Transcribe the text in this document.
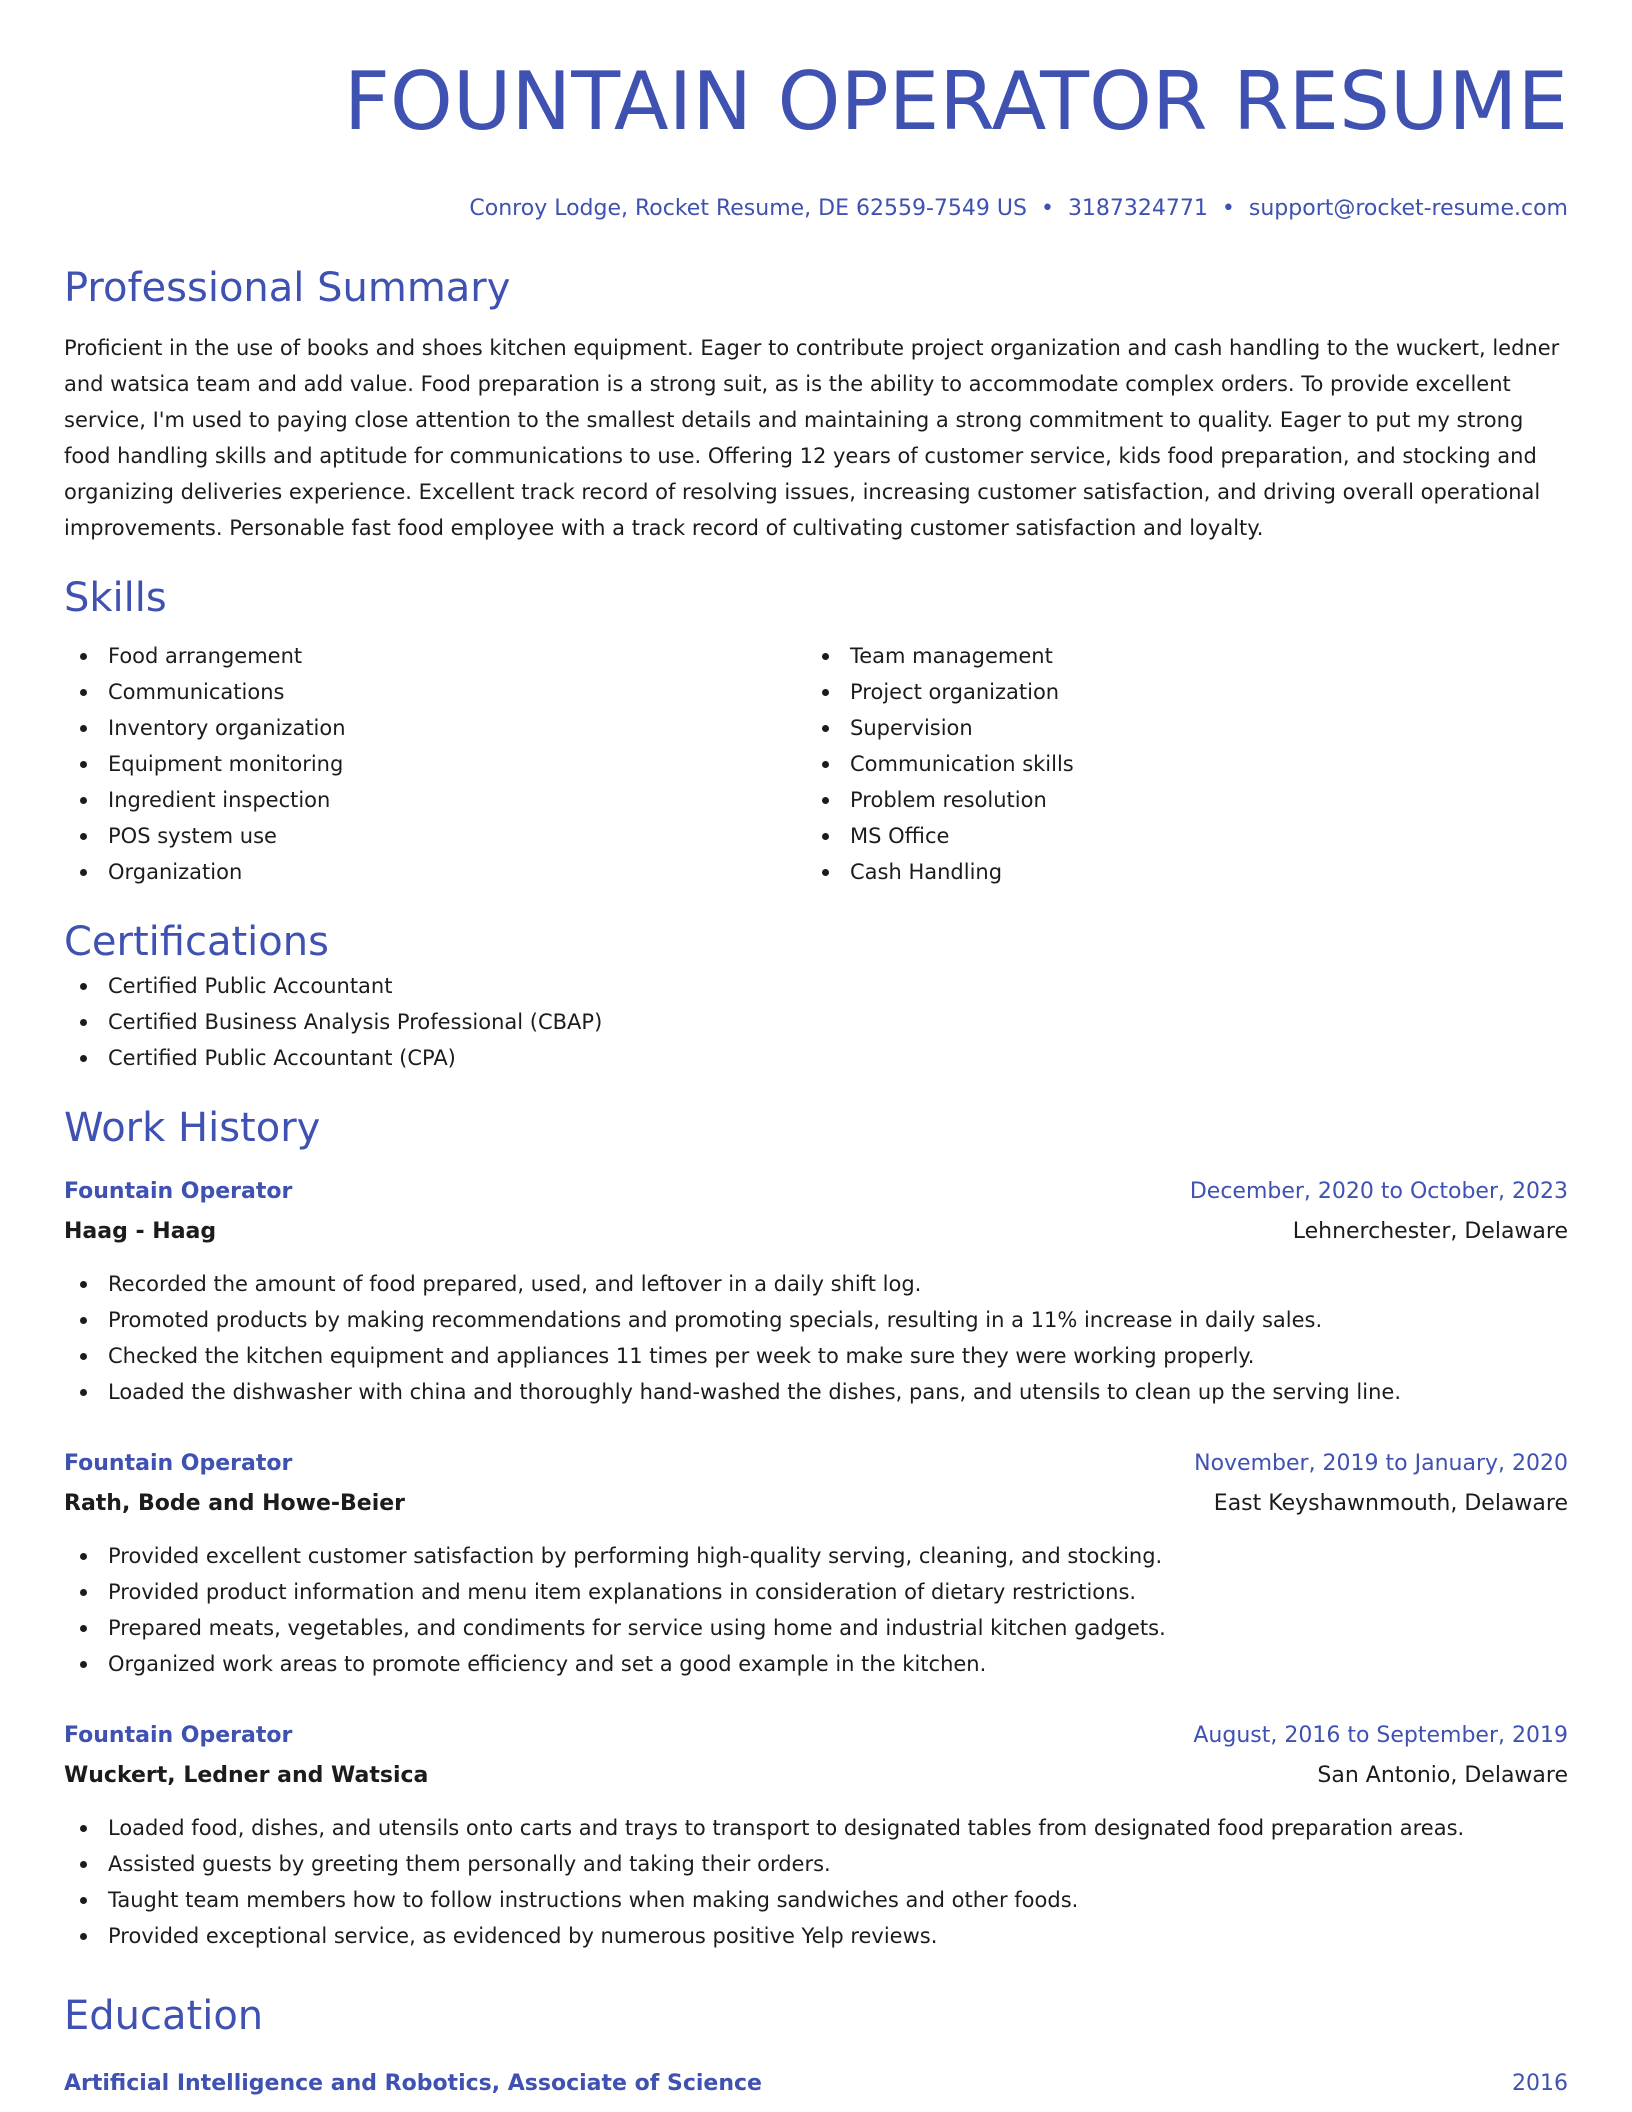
FOUNTAIN OPERATOR RESUME
Conroy Lodge, Rocket Resume, DE 62559-7549 US • 3187324771 • support@rocket-resume.com
Professional Summary

Proficient in the use of books and shoes kitchen equipment. Eager to contribute project organization and cash handling to the wuckert, ledner and watsica team and add value. Food preparation is a strong suit, as is the ability to accommodate complex orders. To provide excellent service, I'm used to paying close attention to the smallest details and maintaining a strong commitment to quality. Eager to put my strong food handling skills and aptitude for communications to use. Offering 12 years of customer service, kids food preparation, and stocking and organizing deliveries experience. Excellent track record of resolving issues, increasing customer satisfaction, and driving overall operational improvements. Personable fast food employee with a track record of cultivating customer satisfaction and loyalty.

Skills
Food arrangement
Communications
Inventory organization
Equipment monitoring
Ingredient inspection
POS system use
Organization
Team management
Project organization
Supervision
Communication skills
Problem resolution
MS Office
Cash Handling
Certifications
Certified Public Accountant
Certified Business Analysis Professional (CBAP)
Certified Public Accountant (CPA)
Work History
Fountain Operator	December, 2020 to October, 2023
Haag - Haag	Lehnerchester, Delaware
Recorded the amount of food prepared, used, and leftover in a daily shift log.
Promoted products by making recommendations and promoting specials, resulting in a 11% increase in daily sales.
Checked the kitchen equipment and appliances 11 times per week to make sure they were working properly.
Loaded the dishwasher with china and thoroughly hand-washed the dishes, pans, and utensils to clean up the serving line.
Fountain Operator	November, 2019 to January, 2020
Rath, Bode and Howe-Beier	East Keyshawnmouth, Delaware
Provided excellent customer satisfaction by performing high-quality serving, cleaning, and stocking.
Provided product information and menu item explanations in consideration of dietary restrictions.
Prepared meats, vegetables, and condiments for service using home and industrial kitchen gadgets.
Organized work areas to promote efficiency and set a good example in the kitchen.
Fountain Operator	August, 2016 to September, 2019
Wuckert, Ledner and Watsica	San Antonio, Delaware
Loaded food, dishes, and utensils onto carts and trays to transport to designated tables from designated food preparation areas.
Assisted guests by greeting them personally and taking their orders.
Taught team members how to follow instructions when making sandwiches and other foods.
Provided exceptional service, as evidenced by numerous positive Yelp reviews.
Education
Artificial Intelligence and Robotics, Associate of Science	2016
